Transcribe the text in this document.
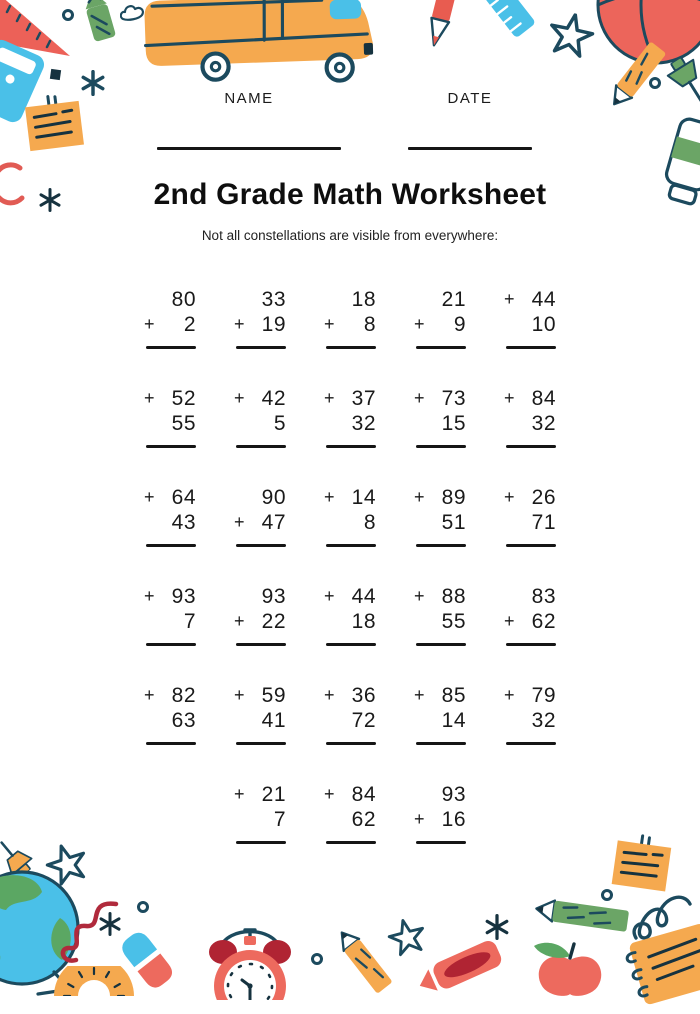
NAME	DATE
2nd Grade Math Worksheet
Not all constellations are visible from everywhere:
80
+	2
33
+ 19
18
+	8
21
+	9
+ 44
10
+ 52
55
+ 42
5
+ 37
32
+ 73
15
+ 84
32
+ 64
43
90
+ 47
+ 14
8
+ 89
51
+ 26
71
+ 93
7
93
+ 22
+ 44
18
+ 88
55
83
+ 62
+ 82
63
+ 59
41
+ 36
72
+ 85
14
+ 79
32
+ 21
7
+ 84
62
93
+ 16
